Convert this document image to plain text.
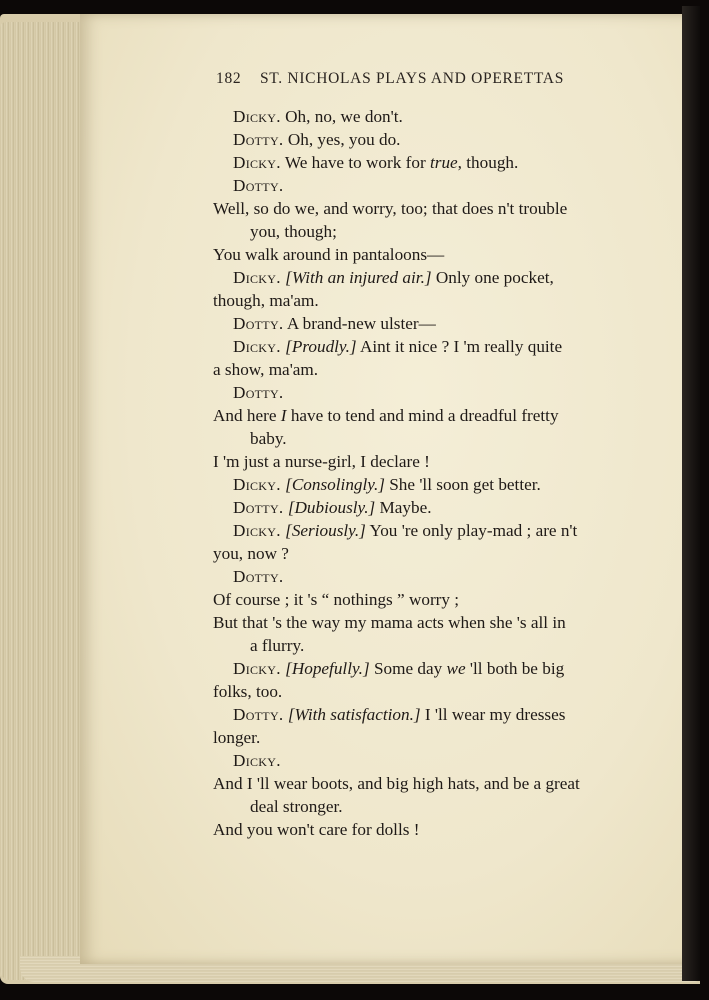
182 ST. NICHOLAS PLAYS AND OPERETTAS
Dicky. Oh, no, we don't.
Dotty. Oh, yes, you do.
Dicky. We have to work for true, though.
Dotty.
Well, so do we, and worry, too; that does n't trouble
you, though;
You walk around in pantaloons—
Dicky. [With an injured air.] Only one pocket,
though, ma'am.
Dotty. A brand-new ulster—
Dicky. [Proudly.] Aint it nice ? I 'm really quite
a show, ma'am.
Dotty.
And here I have to tend and mind a dreadful fretty
baby.
I 'm just a nurse-girl, I declare !
Dicky. [Consolingly.] She 'll soon get better.
Dotty. [Dubiously.] Maybe.
Dicky. [Seriously.] You 're only play-mad ; are n't
you, now ?
Dotty.
Of course ; it 's “ nothings ” worry ;
But that 's the way my mama acts when she 's all in
a flurry.
Dicky. [Hopefully.] Some day we 'll both be big
folks, too.
Dotty. [With satisfaction.] I 'll wear my dresses
longer.
Dicky.
And I 'll wear boots, and big high hats, and be a great
deal stronger.
And you won't care for dolls !
